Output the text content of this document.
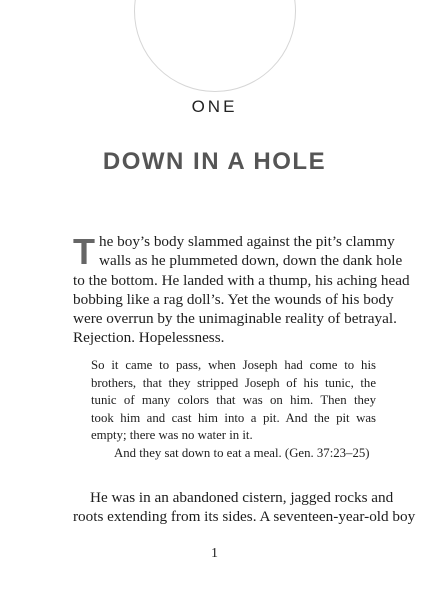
ONE
DOWN IN A HOLE
T he boy’s body slammed against the pit’s clammy
walls as he plummeted down, down the dank hole
to the bottom. He landed with a thump, his aching head
bobbing like a rag doll’s. Yet the wounds of his body
were overrun by the unimaginable reality of betrayal.
Rejection. Hopelessness.
So it came to pass, when Joseph had come to his
brothers, that they stripped Joseph of his tunic, the
tunic of many colors that was on him. Then they
took him and cast him into a pit. And the pit was
empty; there was no water in it.
And they sat down to eat a meal. (Gen. 37:23–25)
He was in an abandoned cistern, jagged rocks and
roots extending from its sides. A seventeen-year-old boy
1
